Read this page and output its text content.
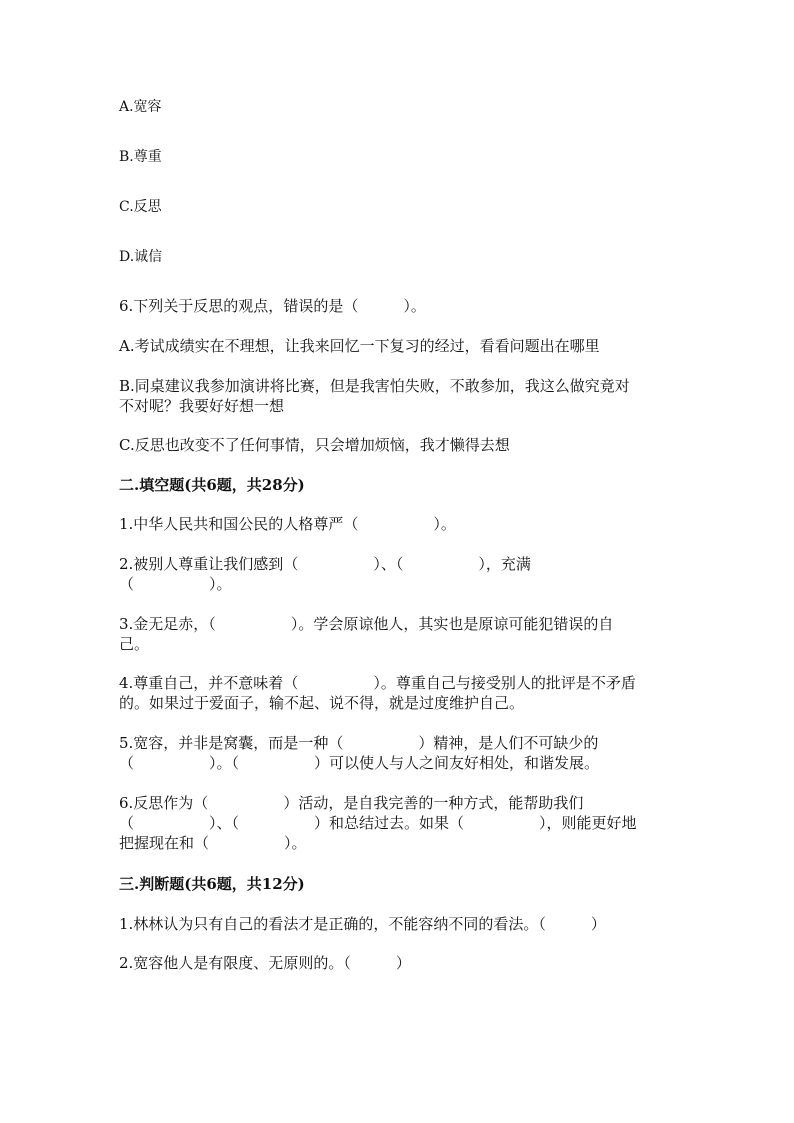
A.宽容
B.尊重
C.反思
D.诚信
6.下列关于反思的观点，错误的是（　　　）。
A.考试成绩实在不理想，让我来回忆一下复习的经过，看看问题出在哪里
B.同桌建议我参加演讲将比赛，但是我害怕失败，不敢参加，我这么做究竟对
不对呢？我要好好想一想
C.反思也改变不了任何事情，只会增加烦恼，我才懒得去想
二.填空题(共6题，共28分)
1.中华人民共和国公民的人格尊严（　　　　　）。
2.被别人尊重让我们感到（　　　　　）、（　　　　　），充满
（　　　　　）。
3.金无足赤，（　　　　　）。学会原谅他人，其实也是原谅可能犯错误的自
己。
4.尊重自己，并不意味着（　　　　　）。尊重自己与接受别人的批评是不矛盾
的。如果过于爱面子，输不起、说不得，就是过度维护自己。
5.宽容，并非是窝囊，而是一种（　　　　　）精神，是人们不可缺少的
（　　　　　）。（　　　　　）可以使人与人之间友好相处，和谐发展。
6.反思作为（　　　　　）活动，是自我完善的一种方式，能帮助我们
（　　　　　）、（　　　　　）和总结过去。如果（　　　　　），则能更好地
把握现在和（　　　　　）。
三.判断题(共6题，共12分)
1.林林认为只有自己的看法才是正确的，不能容纳不同的看法。（　　　）
2.宽容他人是有限度、无原则的。（　　　）
